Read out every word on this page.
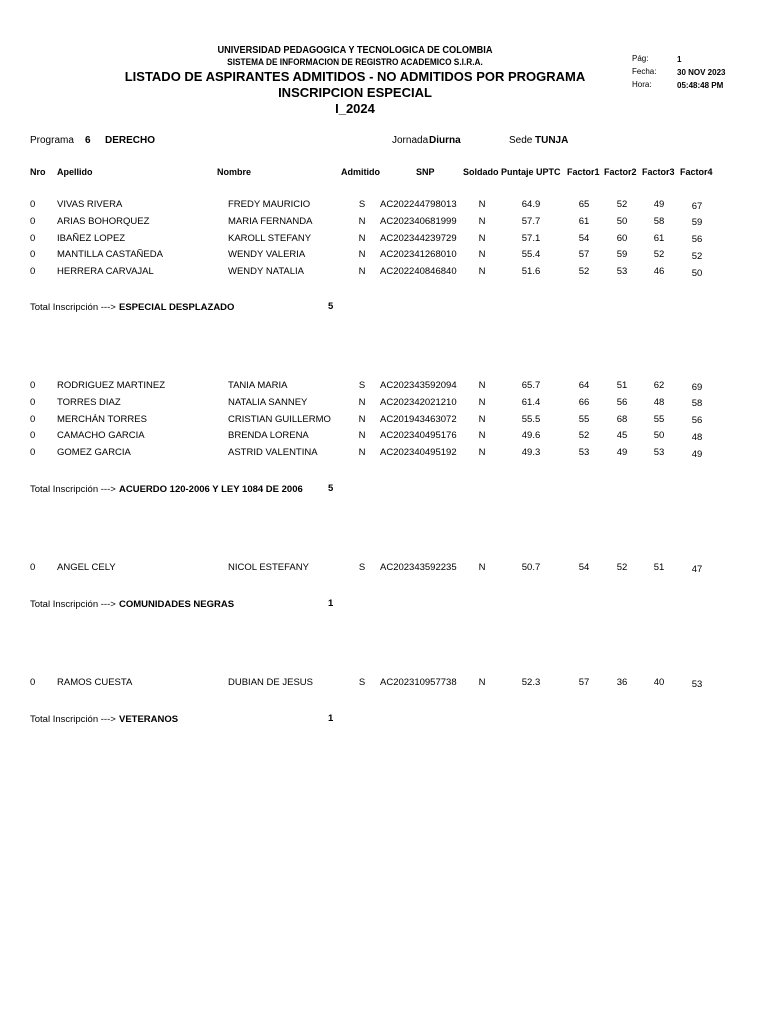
UNIVERSIDAD PEDAGOGICA Y TECNOLOGICA DE COLOMBIA
SISTEMA DE INFORMACION DE REGISTRO ACADEMICO S.I.R.A.
LISTADO DE ASPIRANTES ADMITIDOS - NO ADMITIDOS POR PROGRAMA
INSCRIPCION ESPECIAL
I_2024
Pág:	1
Fecha:	30 NOV 2023
Hora:	05:48:48 PM
Programa 6 DERECHO	Jornada Diurna	Sede TUNJA
Nro Apellido	Nombre	Admitido	SNP	Soldado Puntaje UPTC Factor1 Factor2 Factor3 Factor4
0	VIVAS RIVERA	FREDY MAURICIO	S	AC202244798013	N	64.9	65	52	49	67
0	ARIAS BOHORQUEZ	MARIA FERNANDA	N	AC202340681999	N	57.7	61	50	58	59
0	IBAÑEZ LOPEZ	KAROLL STEFANY	N	AC202344239729	N	57.1	54	60	61	56
0	MANTILLA CASTAÑEDA	WENDY VALERIA	N	AC202341268010	N	55.4	57	59	52	52
0	HERRERA CARVAJAL	WENDY NATALIA	N	AC202240846840	N	51.6	52	53	46	50
Total Inscripción ---> ESPECIAL DESPLAZADO	5
0	RODRIGUEZ MARTINEZ	TANIA MARIA	S	AC202343592094	N	65.7	64	51	62	69
0	TORRES DIAZ	NATALIA SANNEY	N	AC202342021210	N	61.4	66	56	48	58
0	MERCHÁN TORRES	CRISTIAN GUILLERMO	N	AC201943463072	N	55.5	55	68	55	56
0	CAMACHO GARCIA	BRENDA LORENA	N	AC202340495176	N	49.6	52	45	50	48
0	GOMEZ GARCIA	ASTRID VALENTINA	N	AC202340495192	N	49.3	53	49	53	49
Total Inscripción ---> ACUERDO 120-2006 Y LEY 1084 DE 2006	5
0	ANGEL CELY	NICOL ESTEFANY	S	AC202343592235	N	50.7	54	52	51	47
Total Inscripción ---> COMUNIDADES NEGRAS	1
0	RAMOS CUESTA	DUBIAN DE JESUS	S	AC202310957738	N	52.3	57	36	40	53
Total Inscripción ---> VETERANOS	1
